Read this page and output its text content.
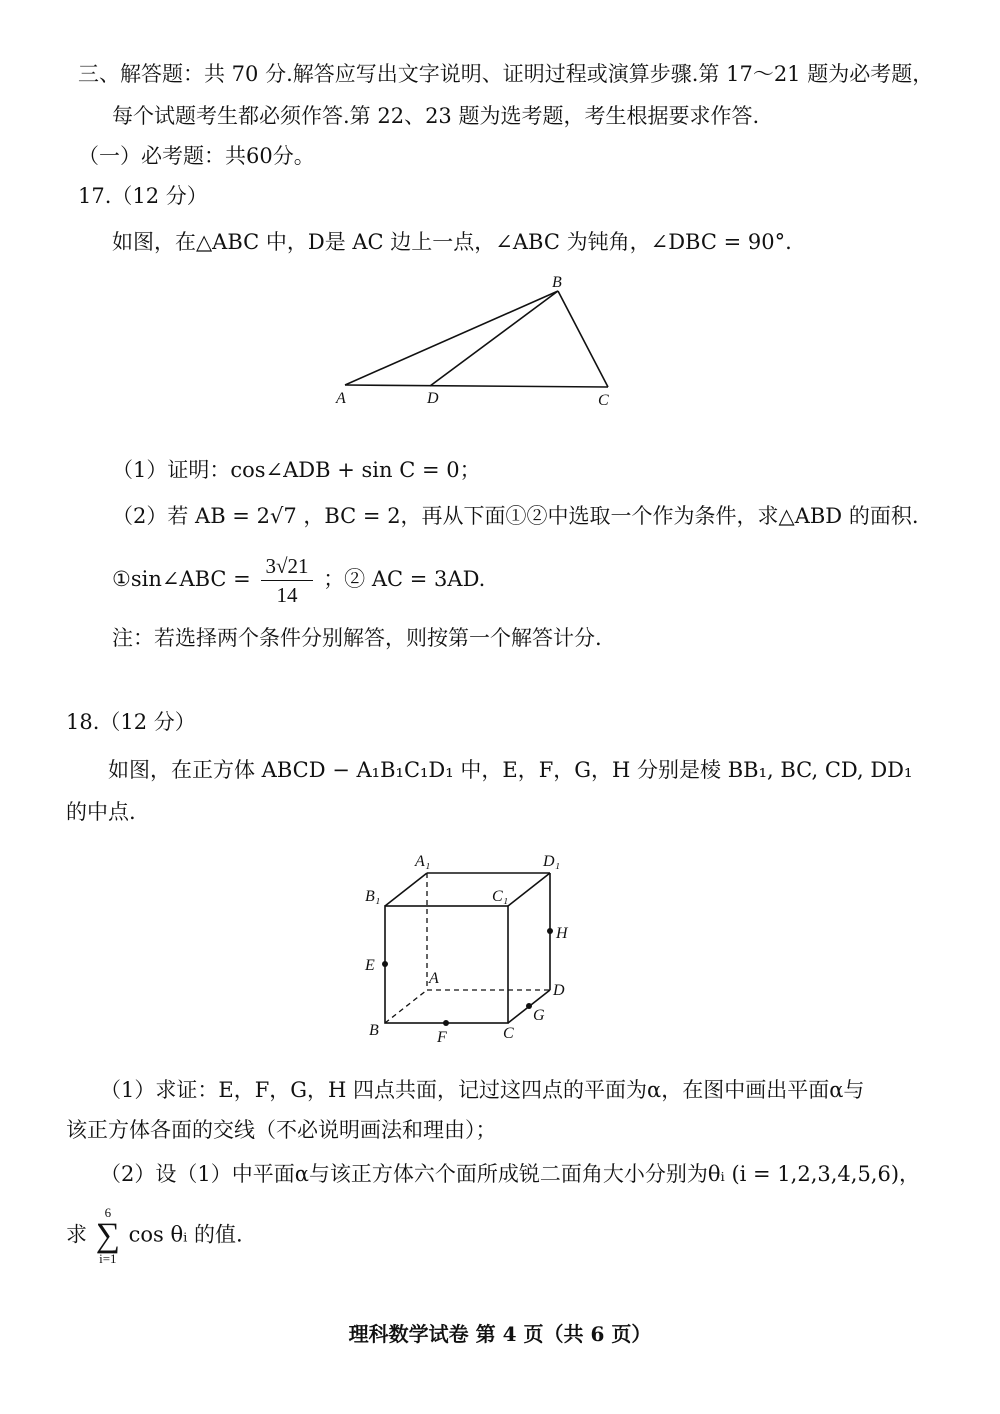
三、解答题：共 70 分.解答应写出文字说明、证明过程或演算步骤.第 17～21 题为必考题，
每个试题考生都必须作答.第 22、23 题为选考题，考生根据要求作答.
（一）必考题：共60分。
17.（12 分）
如图，在△ABC 中，D是 AC 边上一点，∠ABC 为钝角，∠DBC = 90°.
B
A	D	C
（1）证明：cos∠ADB + sin C = 0；
（2）若 AB = 2√7 ，BC = 2，再从下面①②中选取一个作为条件，求△ABD 的面积.
①sin∠ABC = $\frac{3√21}{14}$ ；② AC = 3AD.
注：若选择两个条件分别解答，则按第一个解答计分.
18.（12 分）
如图，在正方体 ABCD − A₁B₁C₁D₁ 中，E，F，G，H 分别是棱 BB₁, BC, CD, DD₁
的中点.
A₁	D₁
B₁	C₁
H
E
A
D
B	C
F
G
（1）求证：E，F，G，H 四点共面，记过这四点的平面为α，在图中画出平面α与
该正方体各面的交线（不必说明画法和理由）；
（2）设（1）中平面α与该正方体六个面所成锐二面角大小分别为θᵢ (i = 1,2,3,4,5,6)，
求
6
∑
i=1
cos θᵢ 的值.
理科数学试卷 第 4 页（共 6 页）
